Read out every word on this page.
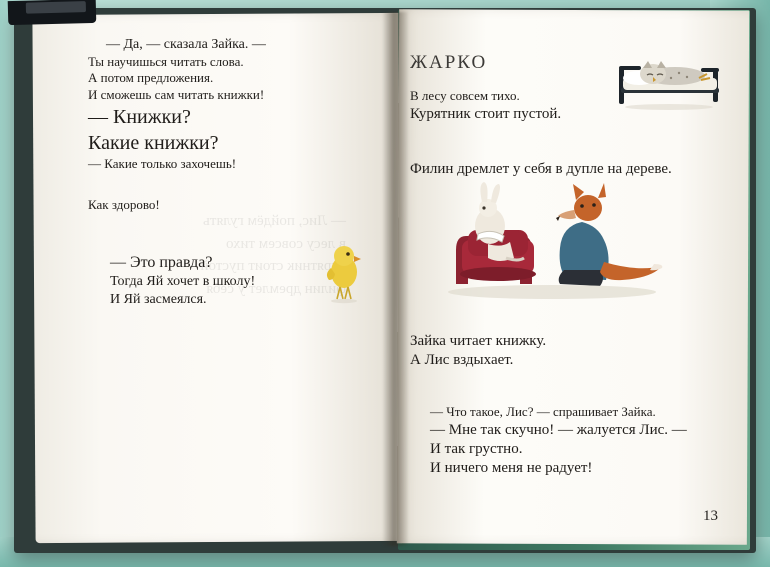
— Да, — сказала Зайка. —
Ты научишься читать слова.
А потом предложения.
И сможешь сам читать книжки!
— Книжки?
Какие книжки?
— Какие только захочешь!
Как здорово!
— Это правда?
Тогда Яй хочет в школу!
И Яй засмеялся.
ЖАРКО
В лесу совсем тихо.
Курятник стоит пустой.
Филин дремлет у себя в дупле на дереве.
Зайка читает книжку.
А Лис вздыхает.
— Что такое, Лис? — спрашивает Зайка.
— Мне так скучно! — жалуется Лис. —
И так грустно.
И ничего меня не радует!
13
